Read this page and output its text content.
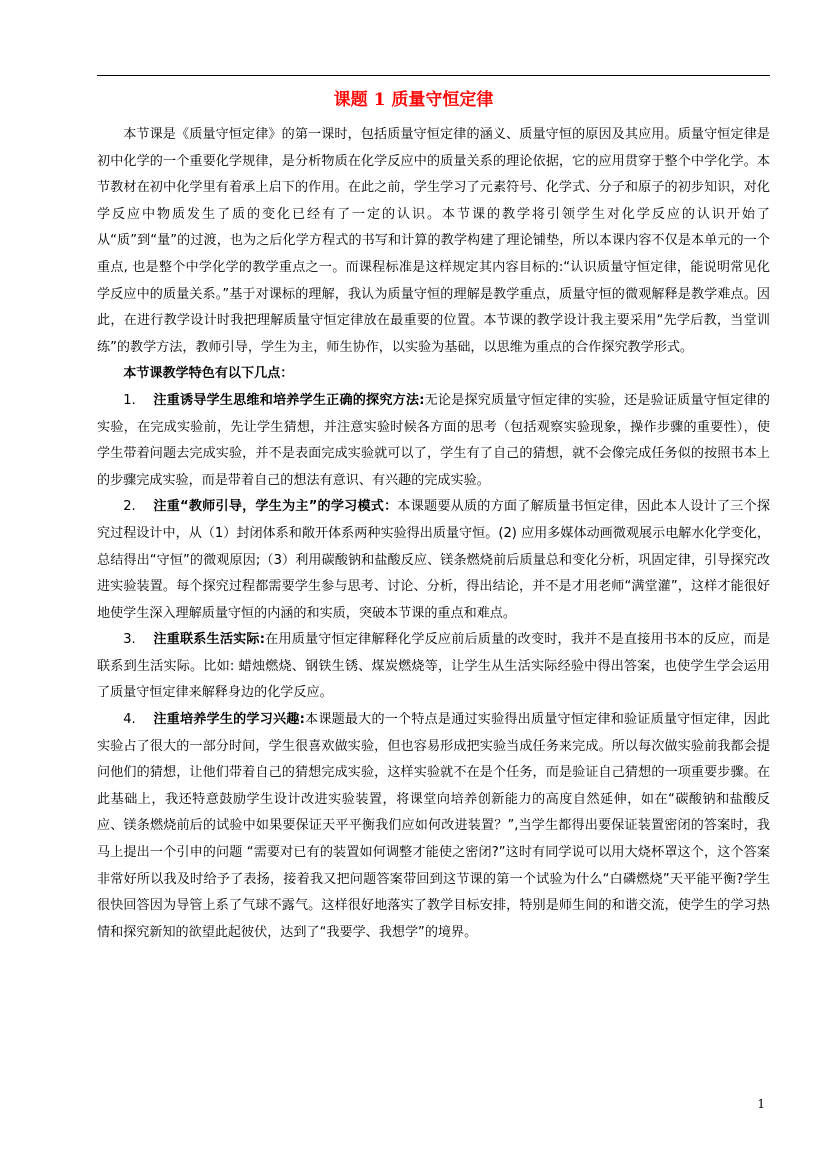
课题 1 质量守恒定律

本节课是《质量守恒定律》的第一课时，包括质量守恒定律的涵义、质量守恒的原因及其应用。质量守恒定律是初中化学的一个重要化学规律，是分析物质在化学反应中的质量关系的理论依据，它的应用贯穿于整个中学化学。本节教材在初中化学里有着承上启下的作用。在此之前，学生学习了元素符号、化学式、分子和原子的初步知识，对化学反应中物质发生了质的变化已经有了一定的认识。本节课的教学将引领学生对化学反应的认识开始了从“质”到“量”的过渡，也为之后化学方程式的书写和计算的教学构建了理论铺垫，所以本课内容不仅是本单元的一个重点, 也是整个中学化学的教学重点之一。而课程标准是这样规定其内容目标的:“认识质量守恒定律，能说明常见化学反应中的质量关系。”基于对课标的理解，我认为质量守恒的理解是教学重点，质量守恒的微观解释是教学难点。因此，在进行教学设计时我把理解质量守恒定律放在最重要的位置。本节课的教学设计我主要采用“先学后教，当堂训练”的教学方法，教师引导，学生为主，师生协作，以实验为基础，以思维为重点的合作探究教学形式。

本节课教学特色有以下几点：

1. 注重诱导学生思维和培养学生正确的探究方法:无论是探究质量守恒定律的实验，还是验证质量守恒定律的实验，在完成实验前，先让学生猜想，并注意实验时候各方面的思考（包括观察实验现象，操作步骤的重要性），使学生带着问题去完成实验，并不是表面完成实验就可以了，学生有了自己的猜想，就不会像完成任务似的按照书本上的步骤完成实验，而是带着自己的想法有意识、有兴趣的完成实验。

2. 注重“教师引导，学生为主”的学习模式：本课题要从质的方面了解质量书恒定律，因此本人设计了三个探究过程设计中，从（1）封闭体系和敞开体系两种实验得出质量守恒。(2) 应用多媒体动画微观展示电解水化学变化，总结得出“守恒”的微观原因;（3）利用碳酸钠和盐酸反应、镁条燃烧前后质量总和变化分析，巩固定律，引导探究改进实验装置。每个探究过程都需要学生参与思考、讨论、分析，得出结论，并不是才用老师“满堂灌”，这样才能很好地使学生深入理解质量守恒的内涵的和实质，突破本节课的重点和难点。

3. 注重联系生活实际:在用质量守恒定律解释化学反应前后质量的改变时，我并不是直接用书本的反应，而是联系到生活实际。比如: 蜡烛燃烧、钢铁生锈、煤炭燃烧等，让学生从生活实际经验中得出答案，也使学生学会运用了质量守恒定律来解释身边的化学反应。

4. 注重培养学生的学习兴趣:本课题最大的一个特点是通过实验得出质量守恒定律和验证质量守恒定律，因此实验占了很大的一部分时间，学生很喜欢做实验，但也容易形成把实验当成任务来完成。所以每次做实验前我都会提问他们的猜想，让他们带着自己的猜想完成实验，这样实验就不在是个任务，而是验证自己猜想的一项重要步骤。在此基础上，我还特意鼓励学生设计改进实验装置，将课堂向培养创新能力的高度自然延伸，如在“碳酸钠和盐酸反应、镁条燃烧前后的试验中如果要保证天平平衡我们应如何改进装置？”,当学生都得出要保证装置密闭的答案时，我马上提出一个引申的问题 “需要对已有的装置如何调整才能使之密闭?”这时有同学说可以用大烧杯罩这个，这个答案非常好所以我及时给予了表扬，接着我又把问题答案带回到这节课的第一个试验为什么“白磷燃烧”天平能平衡?学生很快回答因为导管上系了气球不露气。这样很好地落实了教学目标安排，特别是师生间的和谐交流，使学生的学习热情和探究新知的欲望此起彼伏，达到了“我要学、我想学”的境界。

1
